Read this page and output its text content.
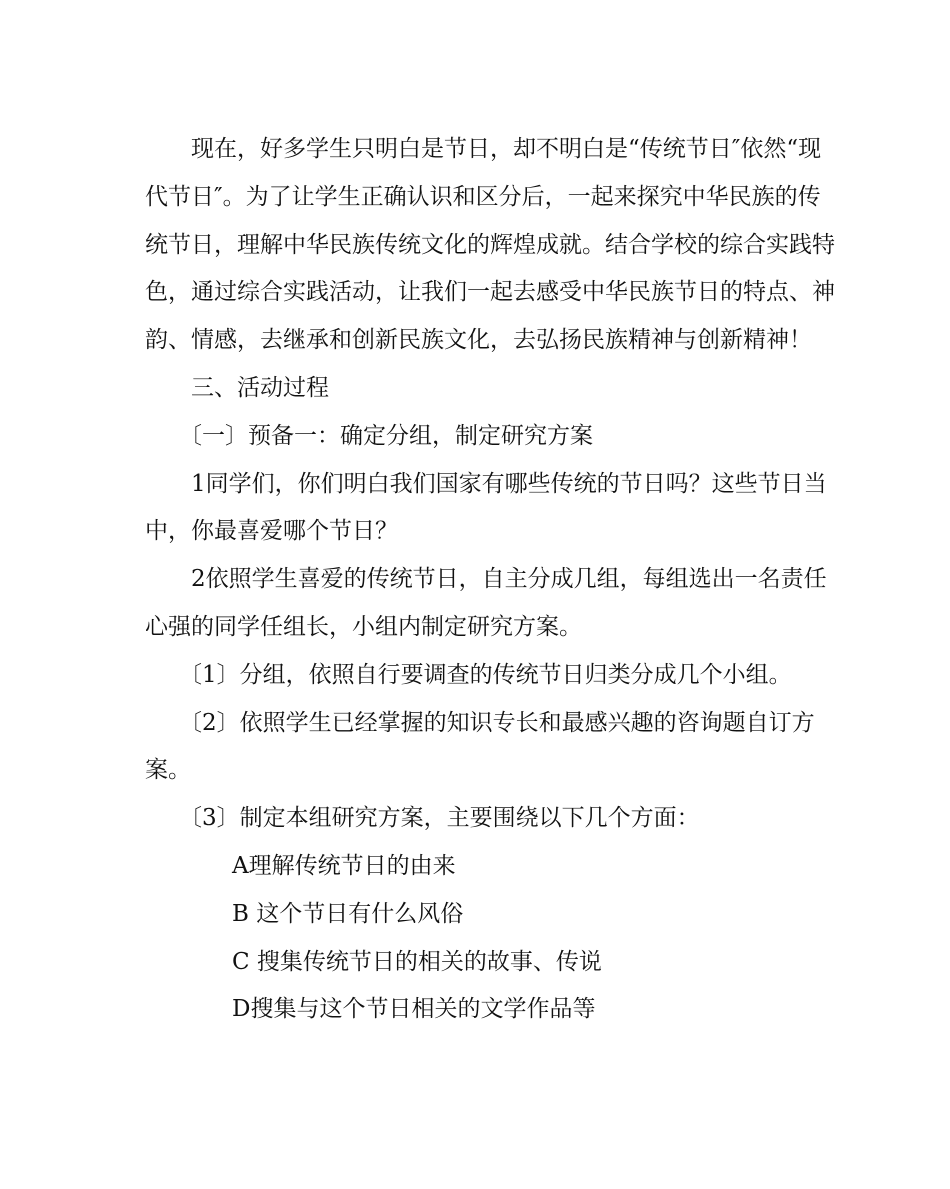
现在，好多学生只明白是节日，却不明白是“传统节日″依然“现
代节日″。为了让学生正确认识和区分后，一起来探究中华民族的传
统节日，理解中华民族传统文化的辉煌成就。结合学校的综合实践特
色，通过综合实践活动，让我们一起去感受中华民族节日的特点、神
韵、情感，去继承和创新民族文化，去弘扬民族精神与创新精神！
三、活动过程
〔一〕预备一：确定分组，制定研究方案
1同学们，你们明白我们国家有哪些传统的节日吗？这些节日当
中，你最喜爱哪个节日？
2依照学生喜爱的传统节日，自主分成几组，每组选出一名责任
心强的同学任组长，小组内制定研究方案。
〔1〕分组，依照自行要调查的传统节日归类分成几个小组。
〔2〕依照学生已经掌握的知识专长和最感兴趣的咨询题自订方
案。
〔3〕制定本组研究方案，主要围绕以下几个方面：
A理解传统节日的由来
B 这个节日有什么风俗
C 搜集传统节日的相关的故事、传说
D搜集与这个节日相关的文学作品等
